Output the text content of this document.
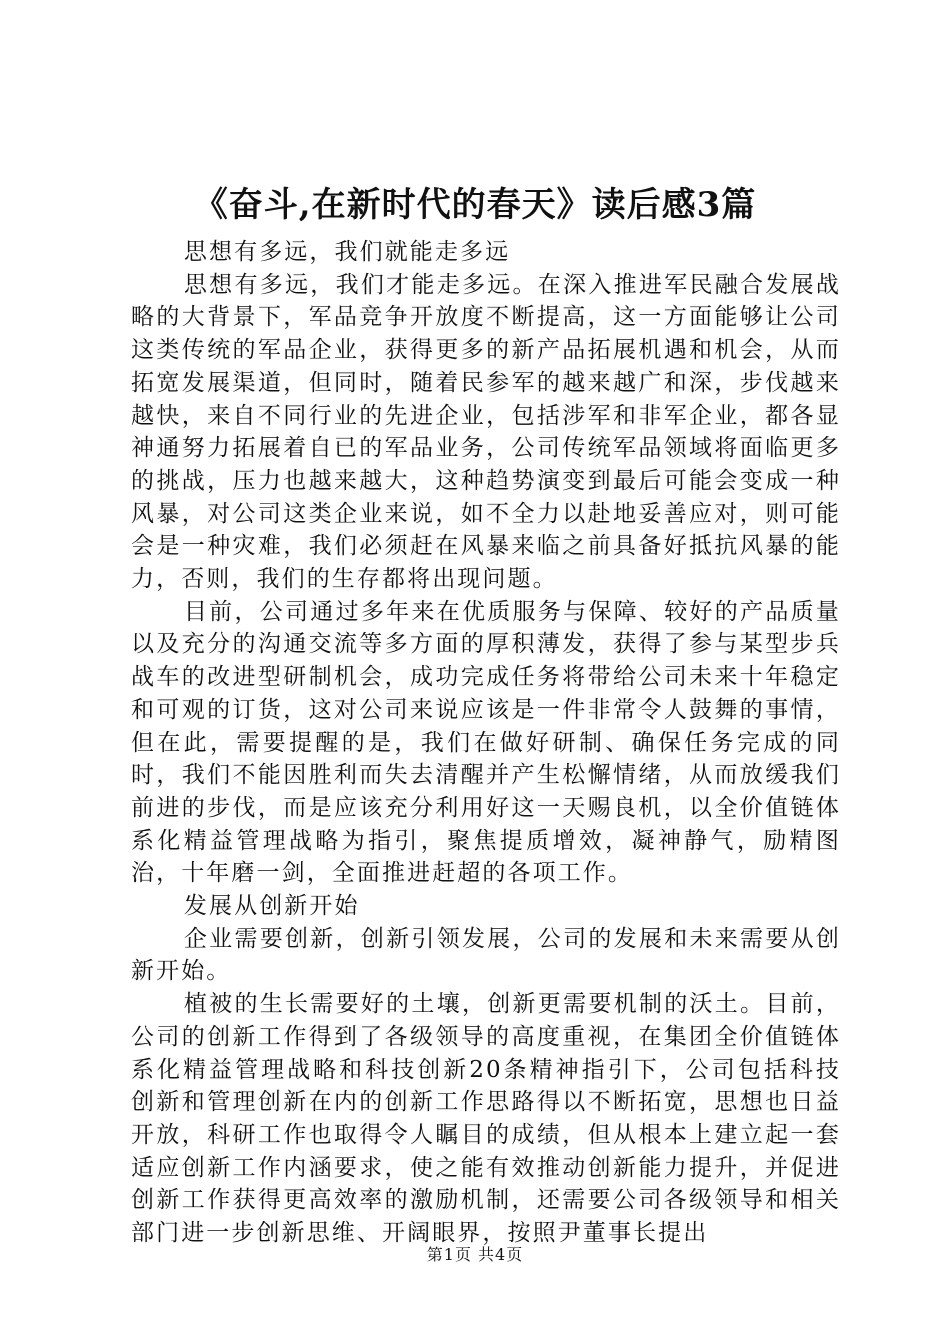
《奋斗,在新时代的春天》读后感3篇

思想有多远，我们就能走多远

思想有多远，我们才能走多远。在深入推进军民融合发展战略的大背景下，军品竞争开放度不断提高，这一方面能够让公司这类传统的军品企业，获得更多的新产品拓展机遇和机会，从而拓宽发展渠道，但同时，随着民参军的越来越广和深，步伐越来越快，来自不同行业的先进企业，包括涉军和非军企业，都各显神通努力拓展着自已的军品业务，公司传统军品领域将面临更多的挑战，压力也越来越大，这种趋势演变到最后可能会变成一种风暴，对公司这类企业来说，如不全力以赴地妥善应对，则可能会是一种灾难，我们必须赶在风暴来临之前具备好抵抗风暴的能力，否则，我们的生存都将出现问题。

目前，公司通过多年来在优质服务与保障、较好的产品质量以及充分的沟通交流等多方面的厚积薄发，获得了参与某型步兵战车的改进型研制机会，成功完成任务将带给公司未来十年稳定和可观的订货，这对公司来说应该是一件非常令人鼓舞的事情，但在此，需要提醒的是，我们在做好研制、确保任务完成的同时，我们不能因胜利而失去清醒并产生松懈情绪，从而放缓我们前进的步伐，而是应该充分利用好这一天赐良机，以全价值链体系化精益管理战略为指引，聚焦提质增效，凝神静气，励精图治，十年磨一剑，全面推进赶超的各项工作。

发展从创新开始

企业需要创新，创新引领发展，公司的发展和未来需要从创新开始。

植被的生长需要好的土壤，创新更需要机制的沃土。目前，公司的创新工作得到了各级领导的高度重视，在集团全价值链体系化精益管理战略和科技创新20条精神指引下，公司包括科技创新和管理创新在内的创新工作思路得以不断拓宽，思想也日益开放，科研工作也取得令人瞩目的成绩，但从根本上建立起一套适应创新工作内涵要求，使之能有效推动创新能力提升，并促进创新工作获得更高效率的激励机制，还需要公司各级领导和相关部门进一步创新思维、开阔眼界，按照尹董事长提出

第1页 共4页
